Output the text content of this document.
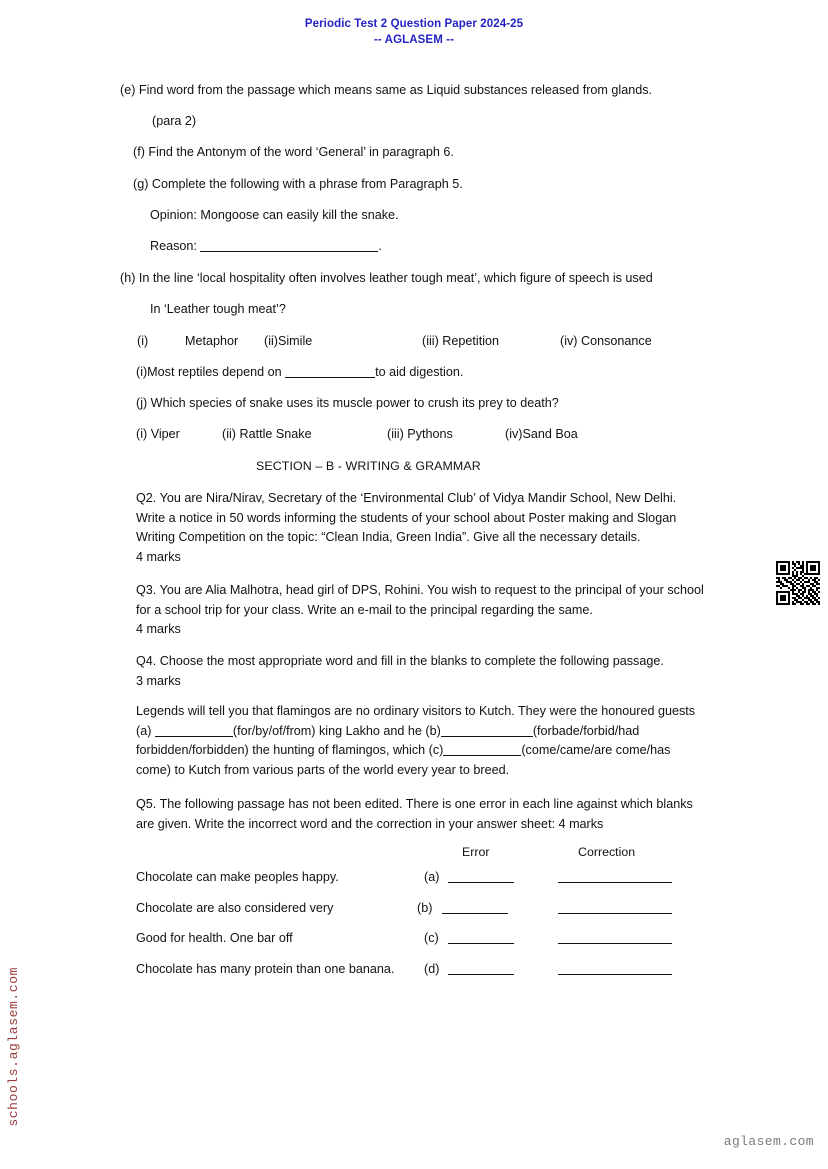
Periodic Test 2 Question Paper 2024-25
-- AGLASEM --
(e) Find word from the passage which means same as Liquid substances released from glands.
(para 2)
(f) Find the Antonym of the word ‘General’ in paragraph 6.
(g) Complete the following with a phrase from Paragraph 5.
Opinion: Mongoose can easily kill the snake.
Reason:	.
(h) In the line ‘local hospitality often involves leather tough meat’, which figure of speech is used
In ‘Leather tough meat’?
(i)	Metaphor (ii)Simile	(iii) Repetition	(iv) Consonance
(i)Most reptiles depend on	to aid digestion.
(j) Which species of snake uses its muscle power to crush its prey to death?
(i) Viper	(ii) Rattle Snake	(iii) Pythons	(iv)Sand Boa
SECTION – B - WRITING & GRAMMAR
Q2. You are Nira/Nirav, Secretary of the ‘Environmental Club’ of Vidya Mandir School, New Delhi.
Write a notice in 50 words informing the students of your school about Poster making and Slogan
Writing Competition on the topic: “Clean India, Green India”. Give all the necessary details.
4 marks
Q3. You are Alia Malhotra, head girl of DPS, Rohini. You wish to request to the principal of your school
for a school trip for your class. Write an e-mail to the principal regarding the same.
4 marks
Q4. Choose the most appropriate word and fill in the blanks to complete the following passage.
3 marks
Legends will tell you that flamingos are no ordinary visitors to Kutch. They were the honoured guests
(a)	(for/by/of/from) king Lakho and he (b)	(forbade/forbid/had
forbidden/forbidden) the hunting of flamingos, which (c)	(come/came/are come/has
come) to Kutch from various parts of the world every year to breed.
Q5. The following passage has not been edited. There is one error in each line against which blanks
are given. Write the incorrect word and the correction in your answer sheet: 4 marks
Error	Correction
Chocolate can make peoples happy.	(a)
Chocolate are also considered very	(b)
Good for health. One bar off	(c)
Chocolate has many protein than one banana. (d)
schools.aglasem.com
aglasem.com
